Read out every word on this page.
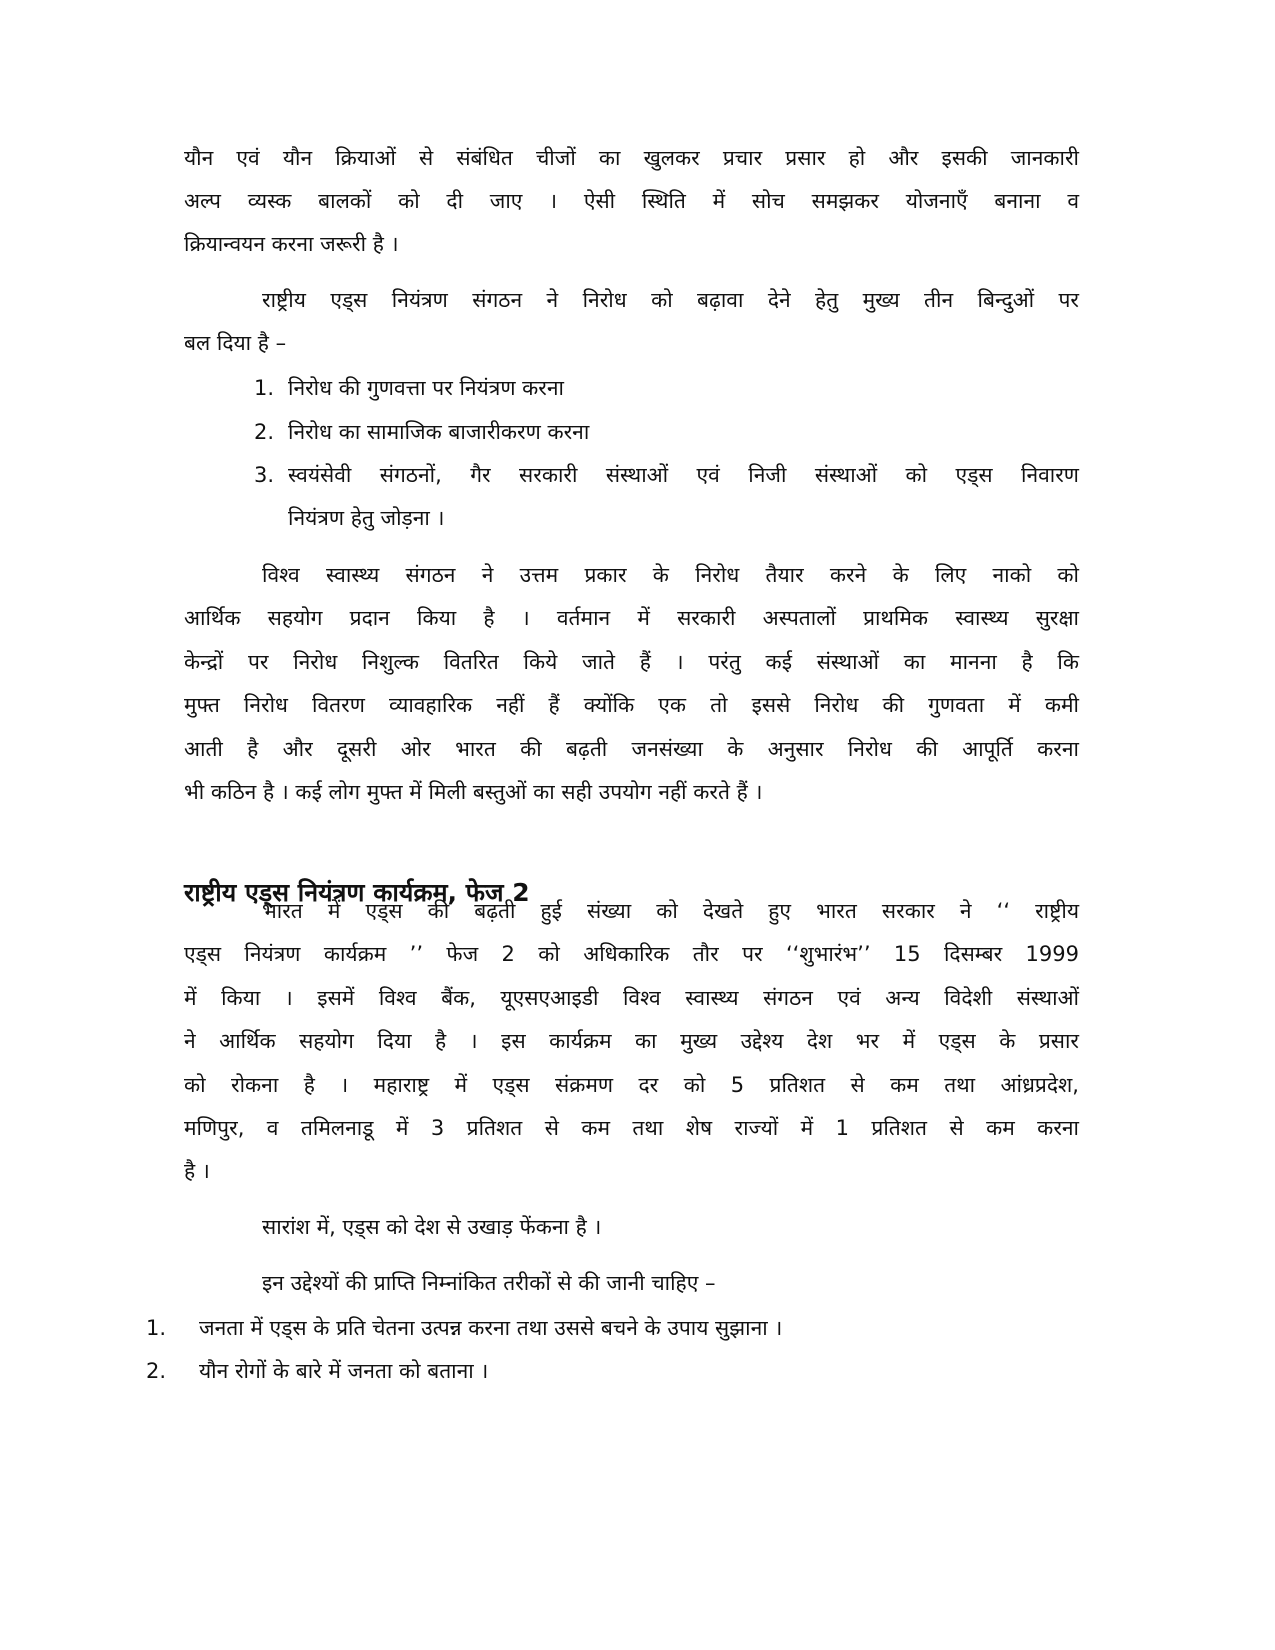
यौन एवं यौन क्रियाओं से संबंधित चीजों का खुलकर प्रचार प्रसार हो और इसकी जानकारी
अल्प व्यस्क बालकों को दी जाए । ऐसी स्थिति में सोच समझकर योजनाएँ बनाना व
क्रियान्वयन करना जरूरी है ।
राष्ट्रीय एड्स नियंत्रण संगठन ने निरोध को बढ़ावा देने हेतु मुख्य तीन बिन्दुओं पर
बल दिया है –
1. निरोध की गुणवत्ता पर नियंत्रण करना
2. निरोध का सामाजिक बाजारीकरण करना
3. स्वयंसेवी संगठनों, गैर सरकारी संस्थाओं एवं निजी संस्थाओं को एड्स निवारण
नियंत्रण हेतु जोड़ना ।
विश्व स्वास्थ्य संगठन ने उत्तम प्रकार के निरोध तैयार करने के लिए नाको को
आर्थिक सहयोग प्रदान किया है । वर्तमान में सरकारी अस्पतालों प्राथमिक स्वास्थ्य सुरक्षा
केन्द्रों पर निरोध निशुल्क वितरित किये जाते हैं । परंतु कई संस्थाओं का मानना है कि
मुफ्त निरोध वितरण व्यावहारिक नहीं हैं क्योंकि एक तो इससे निरोध की गुणवता में कमी
आती है और दूसरी ओर भारत की बढ़ती जनसंख्या के अनुसार निरोध की आपूर्ति करना
भी कठिन है । कई लोग मुफ्त में मिली बस्तुओं का सही उपयोग नहीं करते हैं ।
राष्ट्रीय एड्स नियंत्रण कार्यक्रम, फेज 2
भारत में एड्स की बढ़ती हुई संख्या को देखते हुए भारत सरकार ने ‘‘ राष्ट्रीय
एड्स नियंत्रण कार्यक्रम ’’ फेज 2 को अधिकारिक तौर पर ‘‘शुभारंभ’’ 15 दिसम्बर 1999
में किया । इसमें विश्व बैंक, यूएसएआइडी विश्व स्वास्थ्य संगठन एवं अन्य विदेशी संस्थाओं
ने आर्थिक सहयोग दिया है । इस कार्यक्रम का मुख्य उद्देश्य देश भर में एड्स के प्रसार
को रोकना है । महाराष्ट्र में एड्स संक्रमण दर को 5 प्रतिशत से कम तथा आंध्रप्रदेश,
मणिपुर, व तमिलनाडू में 3 प्रतिशत से कम तथा शेष राज्यों में 1 प्रतिशत से कम करना
है ।
सारांश में, एड्स को देश से उखाड़ फेंकना है ।
इन उद्देश्यों की प्राप्ति निम्नांकित तरीकों से की जानी चाहिए –
1. जनता में एड्स के प्रति चेतना उत्पन्न करना तथा उससे बचने के उपाय सुझाना ।
2. यौन रोगों के बारे में जनता को बताना ।
